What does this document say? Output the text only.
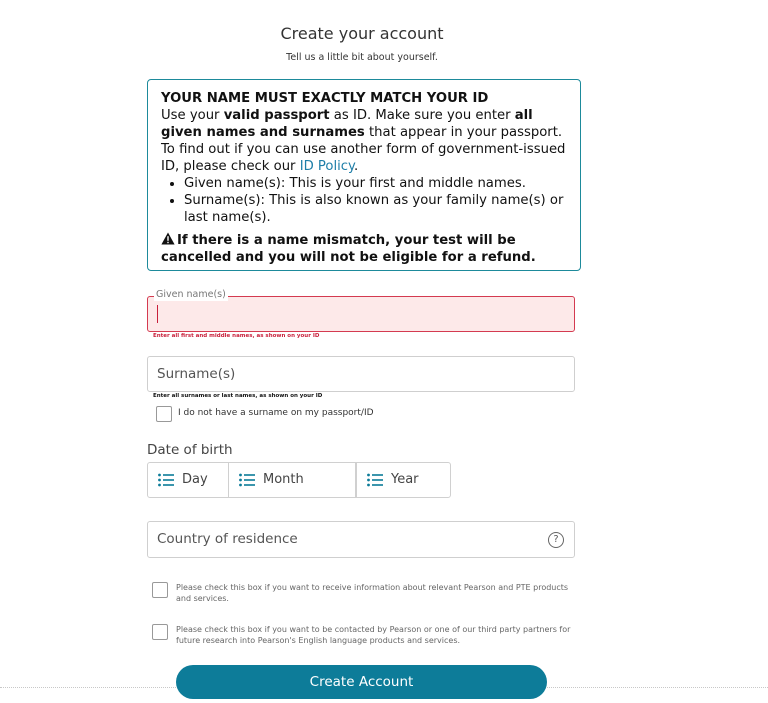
Create your account
Tell us a little bit about yourself.
YOUR NAME MUST EXACTLY MATCH YOUR ID

Use your valid passport as ID. Make sure you enter all given names and surnames that appear in your passport. To find out if you can use another form of government-issued ID, please check our ID Policy.

• Given name(s): This is your first and middle names.
• Surname(s): This is also known as your family name(s) or last name(s).
If there is a name mismatch, your test will be cancelled and you will not be eligible for a refund.
Given name(s)
Enter all first and middle names, as shown on your ID
Surname(s)
Enter all surnames or last names, as shown on your ID
I do not have a surname on my passport/ID
Date of birth
Day	Month	Year
Country of residence	?
Please check this box if you want to receive information about relevant Pearson and PTE products and services.
Please check this box if you want to be contacted by Pearson or one of our third party partners for future research into Pearson's English language products and services.
Create Account
